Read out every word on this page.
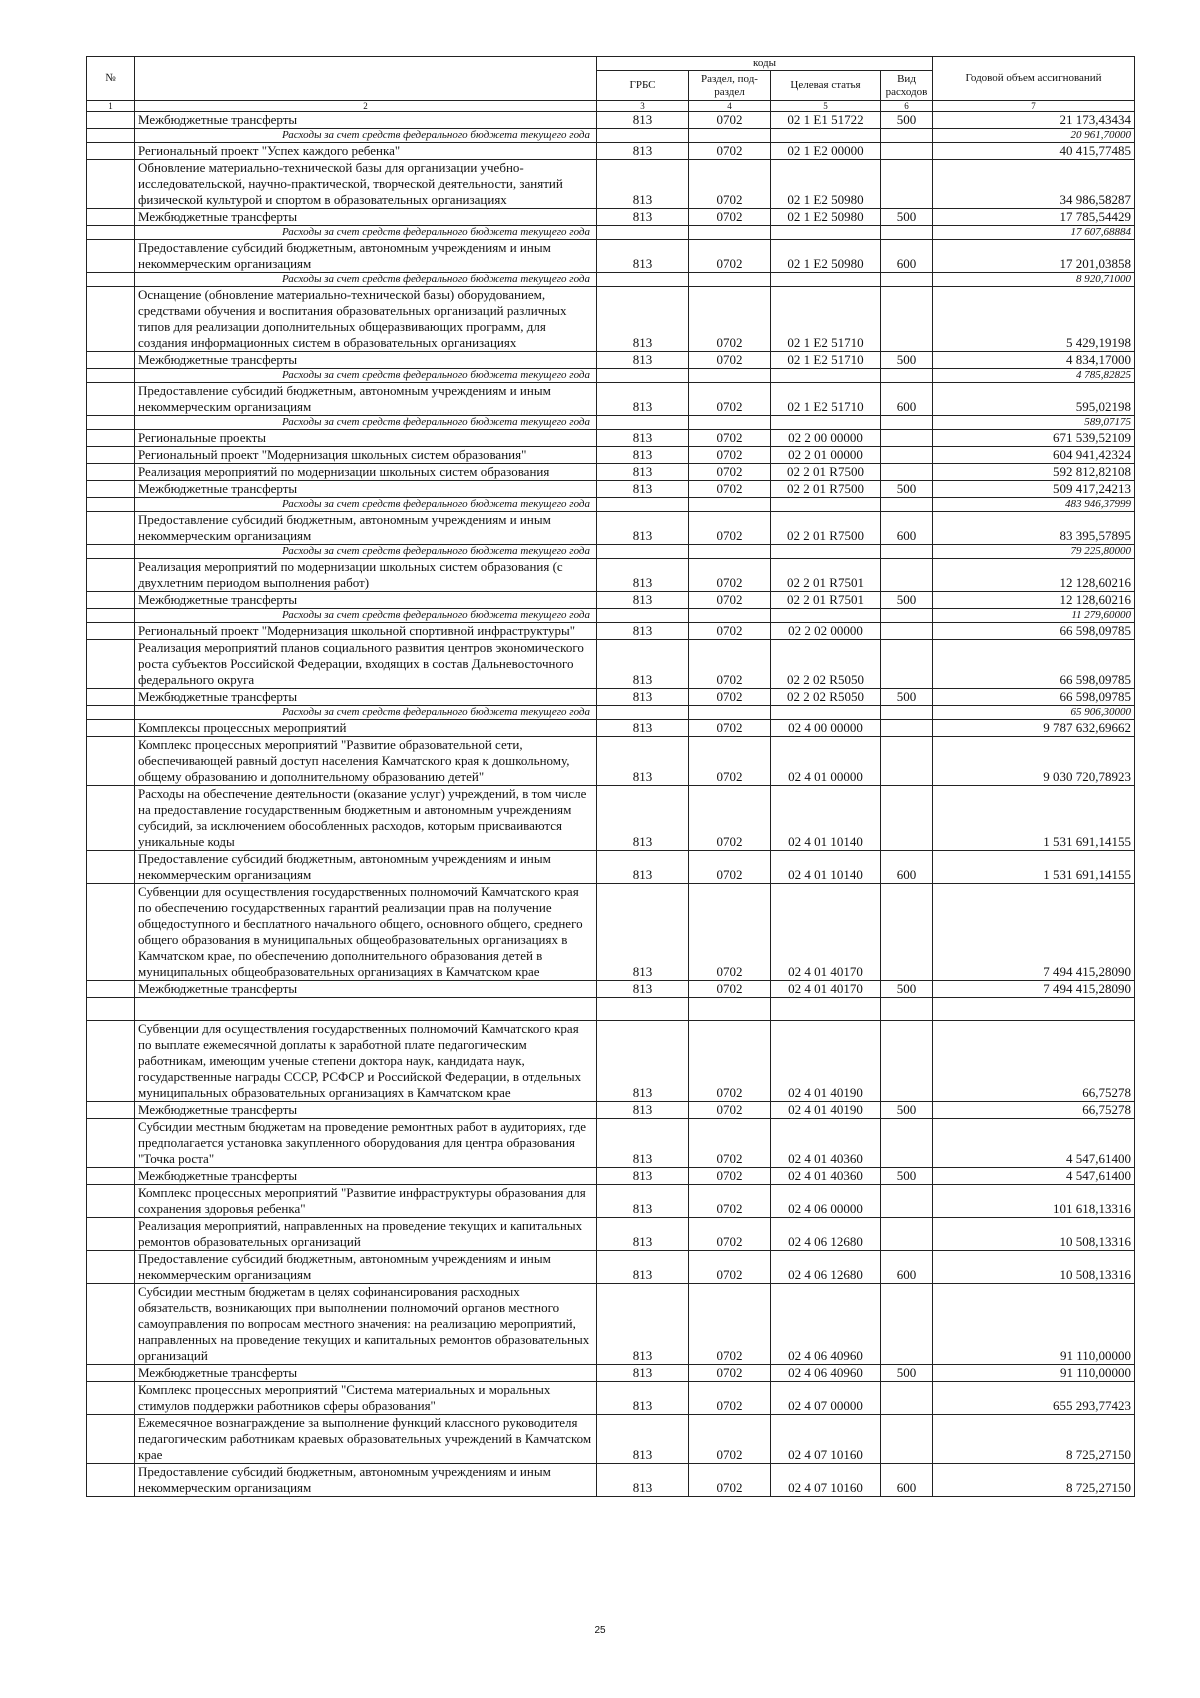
№		коды				Годовой объем ассигнований
		ГРБС	Раздел, под-раздел	Целевая статья	Вид расходов	
1	2	3	4	5	6	7
	Межбюджетные трансферты	813	0702	02 1 E1 51722	500	21 173,43434
	Расходы за счет средств федерального бюджета текущего года					20 961,70000
	Региональный проект "Успех каждого ребенка"	813	0702	02 1 E2 00000		40 415,77485
	Обновление материально-технической базы для организации учебно-исследовательской, научно-практической, творческой деятельности, занятий физической культурой и спортом в образовательных организациях	813	0702	02 1 E2 50980		34 986,58287
	Межбюджетные трансферты	813	0702	02 1 E2 50980	500	17 785,54429
	Расходы за счет средств федерального бюджета текущего года					17 607,68884
	Предоставление субсидий бюджетным, автономным учреждениям и иным некоммерческим организациям	813	0702	02 1 E2 50980	600	17 201,03858
	Расходы за счет средств федерального бюджета текущего года					8 920,71000
	Оснащение (обновление материально-технической базы) оборудованием, средствами обучения и воспитания образовательных организаций различных типов для реализации дополнительных общеразвивающих программ, для создания информационных систем в образовательных организациях	813	0702	02 1 E2 51710		5 429,19198
	Межбюджетные трансферты	813	0702	02 1 E2 51710	500	4 834,17000
	Расходы за счет средств федерального бюджета текущего года					4 785,82825
	Предоставление субсидий бюджетным, автономным учреждениям и иным некоммерческим организациям	813	0702	02 1 E2 51710	600	595,02198
	Расходы за счет средств федерального бюджета текущего года					589,07175
	Региональные проекты	813	0702	02 2 00 00000		671 539,52109
	Региональный проект "Модернизация школьных систем образования"	813	0702	02 2 01 00000		604 941,42324
	Реализация мероприятий по модернизации школьных систем образования	813	0702	02 2 01 R7500		592 812,82108
	Межбюджетные трансферты	813	0702	02 2 01 R7500	500	509 417,24213
	Расходы за счет средств федерального бюджета текущего года					483 946,37999
	Предоставление субсидий бюджетным, автономным учреждениям и иным некоммерческим организациям	813	0702	02 2 01 R7500	600	83 395,57895
	Расходы за счет средств федерального бюджета текущего года					79 225,80000
	Реализация мероприятий по модернизации школьных систем образования (с двухлетним периодом выполнения работ)	813	0702	02 2 01 R7501		12 128,60216
	Межбюджетные трансферты	813	0702	02 2 01 R7501	500	12 128,60216
	Расходы за счет средств федерального бюджета текущего года					11 279,60000
	Региональный проект "Модернизация школьной спортивной инфраструктуры"	813	0702	02 2 02 00000		66 598,09785
	Реализация мероприятий планов социального развития центров экономического роста субъектов Российской Федерации, входящих в состав Дальневосточного федерального округа	813	0702	02 2 02 R5050		66 598,09785
	Межбюджетные трансферты	813	0702	02 2 02 R5050	500	66 598,09785
	Расходы за счет средств федерального бюджета текущего года					65 906,30000
	Комплексы процессных мероприятий	813	0702	02 4 00 00000		9 787 632,69662
	Комплекс процессных мероприятий "Развитие образовательной сети, обеспечивающей равный доступ населения Камчатского края к дошкольному, общему образованию и дополнительному образованию детей"	813	0702	02 4 01 00000		9 030 720,78923
	Расходы на обеспечение деятельности (оказание услуг) учреждений, в том числе на предоставление государственным бюджетным и автономным учреждениям субсидий, за исключением обособленных расходов, которым присваиваются уникальные коды	813	0702	02 4 01 10140		1 531 691,14155
	Предоставление субсидий бюджетным, автономным учреждениям и иным некоммерческим организациям	813	0702	02 4 01 10140	600	1 531 691,14155
	Субвенции для осуществления государственных полномочий Камчатского края по обеспечению государственных гарантий реализации прав на получение общедоступного и бесплатного начального общего, основного общего, среднего общего образования в муниципальных общеобразовательных организациях в Камчатском крае, по обеспечению дополнительного образования детей в муниципальных общеобразовательных организациях в Камчатском крае	813	0702	02 4 01 40170		7 494 415,28090
	Межбюджетные трансферты	813	0702	02 4 01 40170	500	7 494 415,28090

	Субвенции для осуществления государственных полномочий Камчатского края по выплате ежемесячной доплаты к заработной плате педагогическим работникам, имеющим ученые степени доктора наук, кандидата наук, государственные награды СССР, РСФСР и Российской Федерации, в отдельных муниципальных образовательных организациях в Камчатском крае	813	0702	02 4 01 40190		66,75278
	Межбюджетные трансферты	813	0702	02 4 01 40190	500	66,75278
	Субсидии местным бюджетам на проведение ремонтных работ в аудиториях, где предполагается установка закупленного оборудования для центра образования "Точка роста"	813	0702	02 4 01 40360		4 547,61400
	Межбюджетные трансферты	813	0702	02 4 01 40360	500	4 547,61400
	Комплекс процессных мероприятий "Развитие инфраструктуры образования для сохранения здоровья ребенка"	813	0702	02 4 06 00000		101 618,13316
	Реализация мероприятий, направленных на проведение текущих и капитальных ремонтов образовательных организаций	813	0702	02 4 06 12680		10 508,13316
	Предоставление субсидий бюджетным, автономным учреждениям и иным некоммерческим организациям	813	0702	02 4 06 12680	600	10 508,13316
	Субсидии местным бюджетам в целях софинансирования расходных обязательств, возникающих при выполнении полномочий органов местного самоуправления по вопросам местного значения: на реализацию мероприятий, направленных на проведение текущих и капитальных ремонтов образовательных организаций	813	0702	02 4 06 40960		91 110,00000
	Межбюджетные трансферты	813	0702	02 4 06 40960	500	91 110,00000
	Комплекс процессных мероприятий "Система материальных и моральных стимулов поддержки работников сферы образования"	813	0702	02 4 07 00000		655 293,77423
	Ежемесячное вознаграждение за выполнение функций классного руководителя педагогическим работникам краевых образовательных учреждений в Камчатском крае	813	0702	02 4 07 10160		8 725,27150
	Предоставление субсидий бюджетным, автономным учреждениям и иным некоммерческим организациям	813	0702	02 4 07 10160	600	8 725,27150
25
